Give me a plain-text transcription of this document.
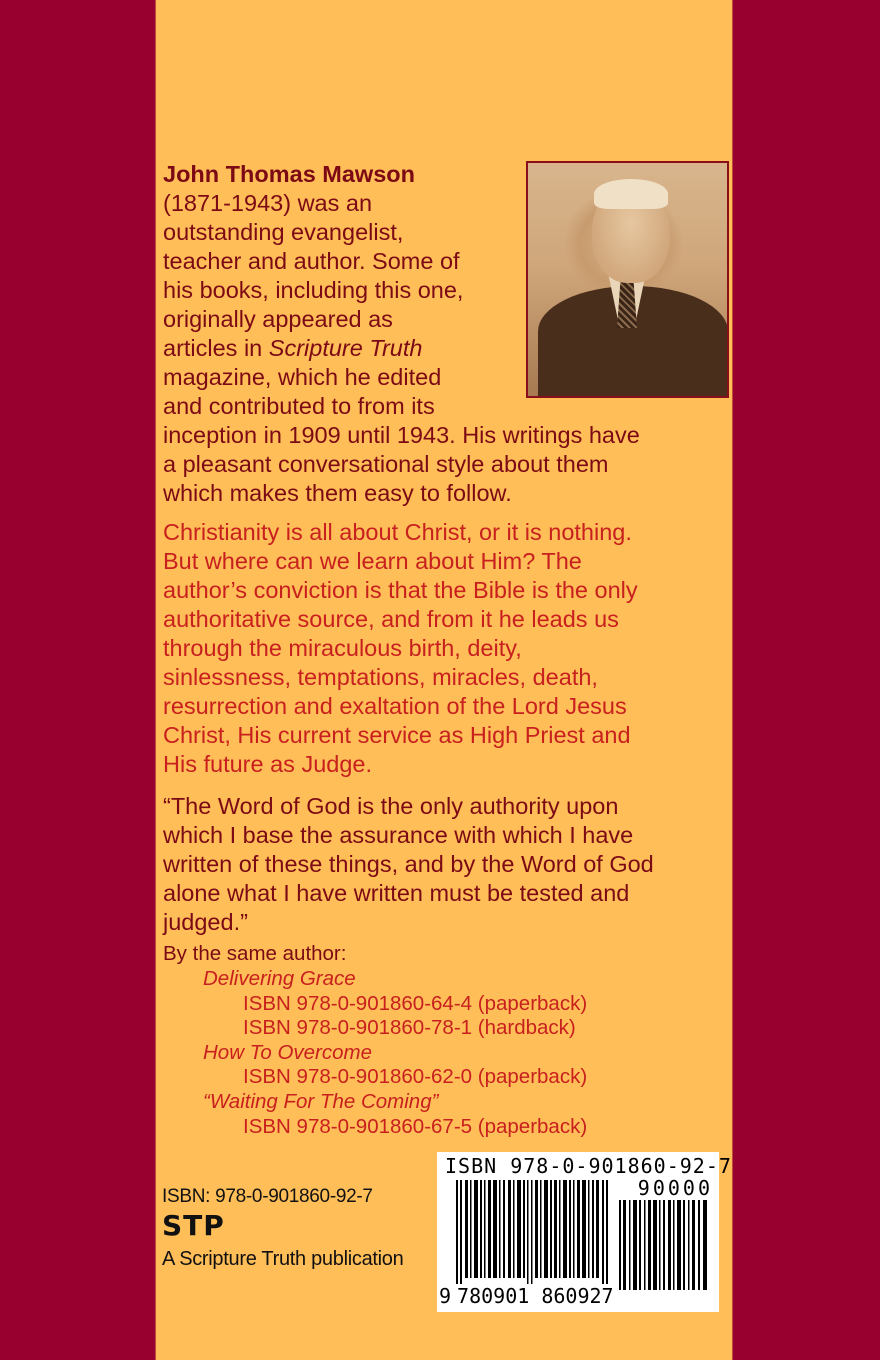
John Thomas Mawson
(1871-1943) was an
outstanding evangelist,
teacher and author. Some of
his books, including this one,
originally appeared as
articles in Scripture Truth
magazine, which he edited
and contributed to from its
inception in 1909 until 1943. His writings have
a pleasant conversational style about them
which makes them easy to follow.
Christianity is all about Christ, or it is nothing.
But where can we learn about Him? The
author’s conviction is that the Bible is the only
authoritative source, and from it he leads us
through the miraculous birth, deity,
sinlessness, temptations, miracles, death,
resurrection and exaltation of the Lord Jesus
Christ, His current service as High Priest and
His future as Judge.
“The Word of God is the only authority upon
which I base the assurance with which I have
written of these things, and by the Word of God
alone what I have written must be tested and
judged.”

By the same author:

Delivering Grace
ISBN 978-0-901860-64-4 (paperback)
ISBN 978-0-901860-78-1 (hardback)
How To Overcome
ISBN 978-0-901860-62-0 (paperback)
“Waiting For The Coming”
ISBN 978-0-901860-67-5 (paperback)
ISBN: 978-0-901860-92-7
STP
A Scripture Truth publication
ISBN 978-0-901860-92-7
90000
9 780901 860927
